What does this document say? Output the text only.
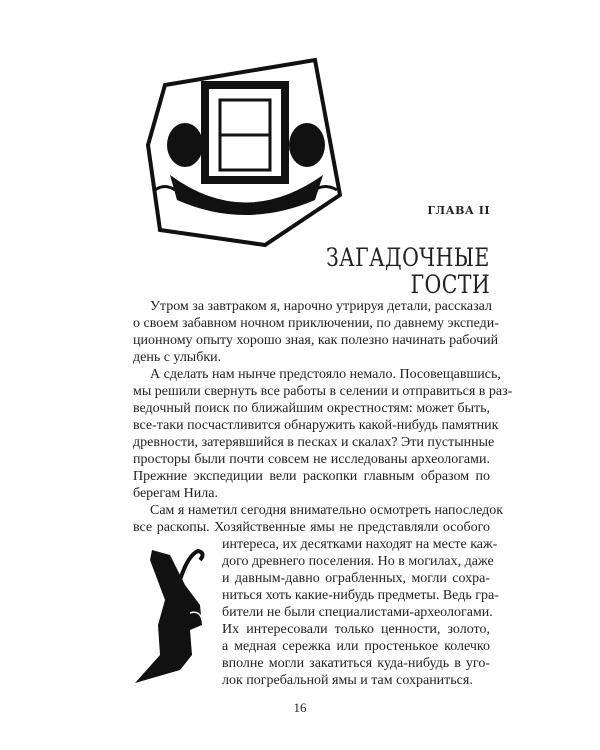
ГЛАВА II
ЗАГАДОЧНЫЕ
ГОСТИ
Утром за завтраком я, нарочно утрируя детали, рассказал
о своем забавном ночном приключении, по давнему экспеди-
ционному опыту хорошо зная, как полезно начинать рабочий
день с улыбки.
А сделать нам нынче предстояло немало. Посовещавшись,
мы решили свернуть все работы в селении и отправиться в раз-
ведочный поиск по ближайшим окрестностям: может быть,
все-таки посчастливится обнаружить какой-нибудь памятник
древности, затерявшийся в песках и скалах? Эти пустынные
просторы были почти совсем не исследованы археологами.
Прежние экспедиции вели раскопки главным образом по
берегам Нила.
Сам я наметил сегодня внимательно осмотреть напоследок
все раскопы. Хозяйственные ямы не представляли особого
интереса, их десятками находят на месте каж-
дого древнего поселения. Но в могилах, даже
и давным-давно ограбленных, могли сохра-
ниться хоть какие-нибудь предметы. Ведь гра-
бители не были специалистами-археологами.
Их интересовали только ценности, золото,
а медная сережка или простенькое колечко
вполне могли закатиться куда-нибудь в уго-
лок погребальной ямы и там сохраниться.
16
